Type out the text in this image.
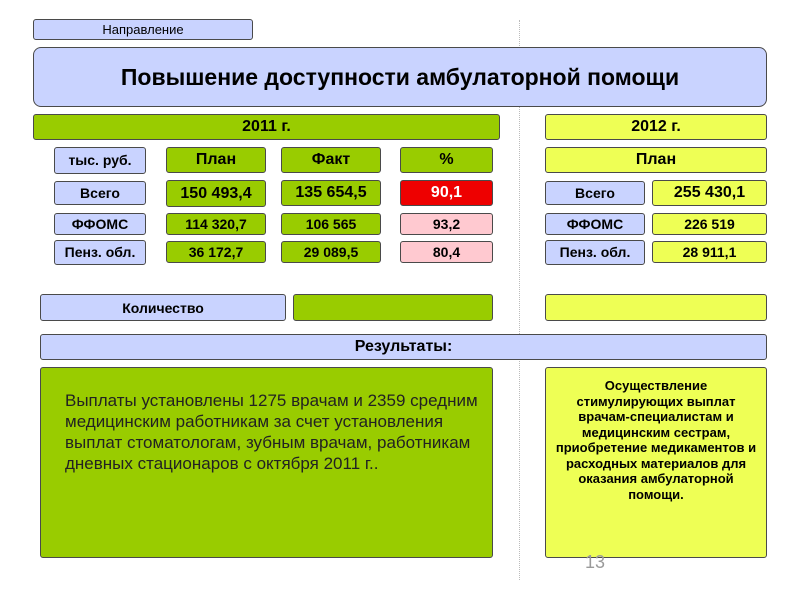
Направление
Повышение доступности амбулаторной помощи
2011 г.
тыс. руб.	План	Факт	%
Всего	150 493,4	135 654,5	90,1
ФФОМС	114 320,7	106 565	93,2
Пенз. обл.	36 172,7	29 089,5	80,4
2012 г.
План
Всего	255 430,1
ФФОМС	226 519
Пенз. обл.	28 911,1
Количество
Результаты:
Выплаты установлены 1275 врачам и 2359 средним медицинским работникам за счет установления выплат стоматологам, зубным врачам, работникам дневных стационаров с октября 2011 г..
Осуществление стимулирующих выплат врачам-специалистам и медицинским сестрам, приобретение медикаментов и расходных материалов для оказания амбулаторной помощи.
13
